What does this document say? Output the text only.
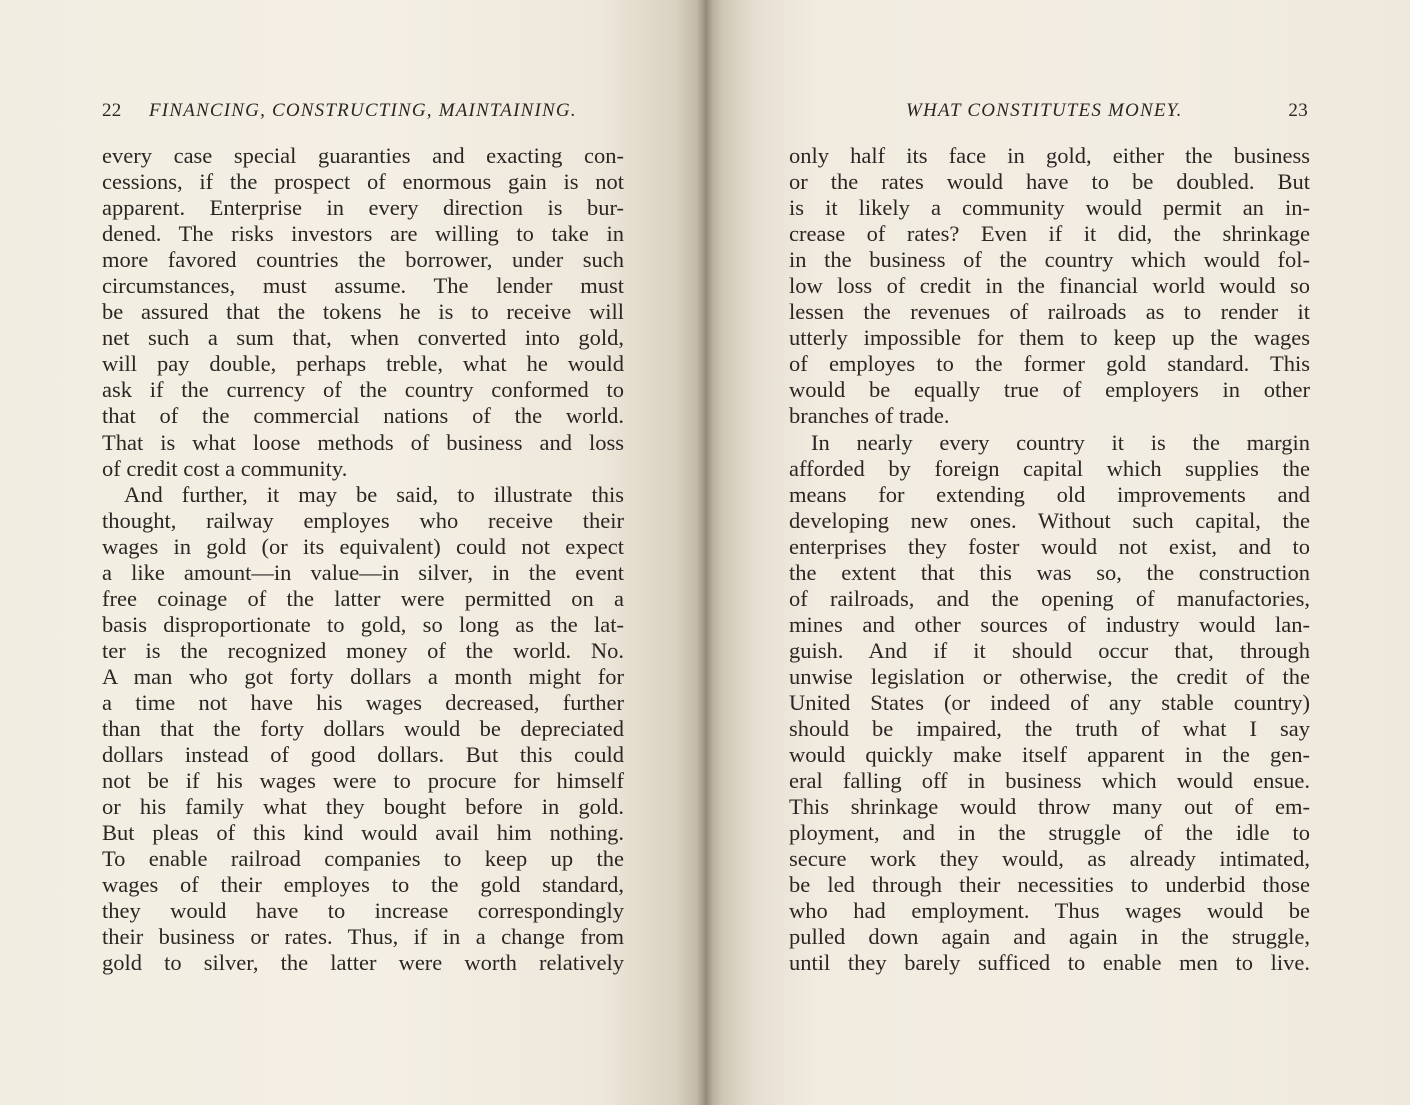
22 FINANCING, CONSTRUCTING, MAINTAINING.
every case special guaranties and exacting con-
cessions, if the prospect of enormous gain is not
apparent. Enterprise in every direction is bur-
dened. The risks investors are willing to take in
more favored countries the borrower, under such
circumstances, must assume. The lender must
be assured that the tokens he is to receive will
net such a sum that, when converted into gold,
will pay double, perhaps treble, what he would
ask if the currency of the country conformed to
that of the commercial nations of the world.
That is what loose methods of business and loss
of credit cost a community.
And further, it may be said, to illustrate this
thought, railway employes who receive their
wages in gold (or its equivalent) could not expect
a like amount—in value—in silver, in the event
free coinage of the latter were permitted on a
basis disproportionate to gold, so long as the lat-
ter is the recognized money of the world. No.
A man who got forty dollars a month might for
a time not have his wages decreased, further
than that the forty dollars would be depreciated
dollars instead of good dollars. But this could
not be if his wages were to procure for himself
or his family what they bought before in gold.
But pleas of this kind would avail him nothing.
To enable railroad companies to keep up the
wages of their employes to the gold standard,
they would have to increase correspondingly
their business or rates. Thus, if in a change from
gold to silver, the latter were worth relatively
WHAT CONSTITUTES MONEY.	23
only half its face in gold, either the business
or the rates would have to be doubled. But
is it likely a community would permit an in-
crease of rates? Even if it did, the shrinkage
in the business of the country which would fol-
low loss of credit in the financial world would so
lessen the revenues of railroads as to render it
utterly impossible for them to keep up the wages
of employes to the former gold standard. This
would be equally true of employers in other
branches of trade.
In nearly every country it is the margin
afforded by foreign capital which supplies the
means for extending old improvements and
developing new ones. Without such capital, the
enterprises they foster would not exist, and to
the extent that this was so, the construction
of railroads, and the opening of manufactories,
mines and other sources of industry would lan-
guish. And if it should occur that, through
unwise legislation or otherwise, the credit of the
United States (or indeed of any stable country)
should be impaired, the truth of what I say
would quickly make itself apparent in the gen-
eral falling off in business which would ensue.
This shrinkage would throw many out of em-
ployment, and in the struggle of the idle to
secure work they would, as already intimated,
be led through their necessities to underbid those
who had employment. Thus wages would be
pulled down again and again in the struggle,
until they barely sufficed to enable men to live.
